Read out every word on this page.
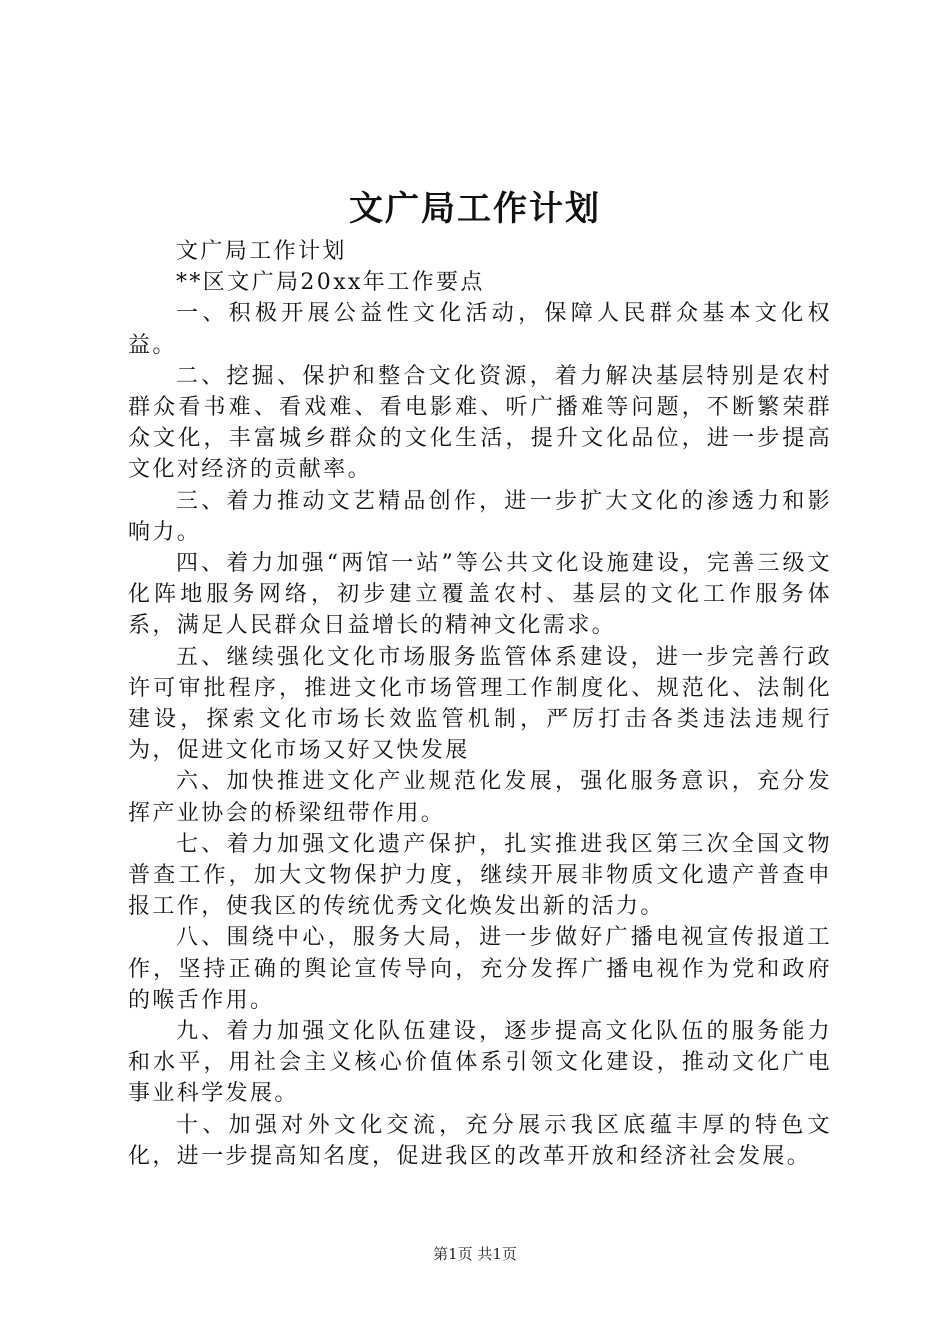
文广局工作计划

文广局工作计划

**区文广局20xx年工作要点

一、积极开展公益性文化活动，保障人民群众基本文化权益。

二、挖掘、保护和整合文化资源，着力解决基层特别是农村群众看书难、看戏难、看电影难、听广播难等问题，不断繁荣群众文化，丰富城乡群众的文化生活，提升文化品位，进一步提高文化对经济的贡献率。

三、着力推动文艺精品创作，进一步扩大文化的渗透力和影响力。

四、着力加强“两馆一站”等公共文化设施建设，完善三级文化阵地服务网络，初步建立覆盖农村、基层的文化工作服务体系，满足人民群众日益增长的精神文化需求。

五、继续强化文化市场服务监管体系建设，进一步完善行政许可审批程序，推进文化市场管理工作制度化、规范化、法制化建设，探索文化市场长效监管机制，严厉打击各类违法违规行为，促进文化市场又好又快发展

六、加快推进文化产业规范化发展，强化服务意识，充分发挥产业协会的桥梁纽带作用。

七、着力加强文化遗产保护，扎实推进我区第三次全国文物普查工作，加大文物保护力度，继续开展非物质文化遗产普查申报工作，使我区的传统优秀文化焕发出新的活力。

八、围绕中心，服务大局，进一步做好广播电视宣传报道工作，坚持正确的舆论宣传导向，充分发挥广播电视作为党和政府的喉舌作用。

九、着力加强文化队伍建设，逐步提高文化队伍的服务能力和水平，用社会主义核心价值体系引领文化建设，推动文化广电事业科学发展。

十、加强对外文化交流，充分展示我区底蕴丰厚的特色文化，进一步提高知名度，促进我区的改革开放和经济社会发展。

第1页 共1页
